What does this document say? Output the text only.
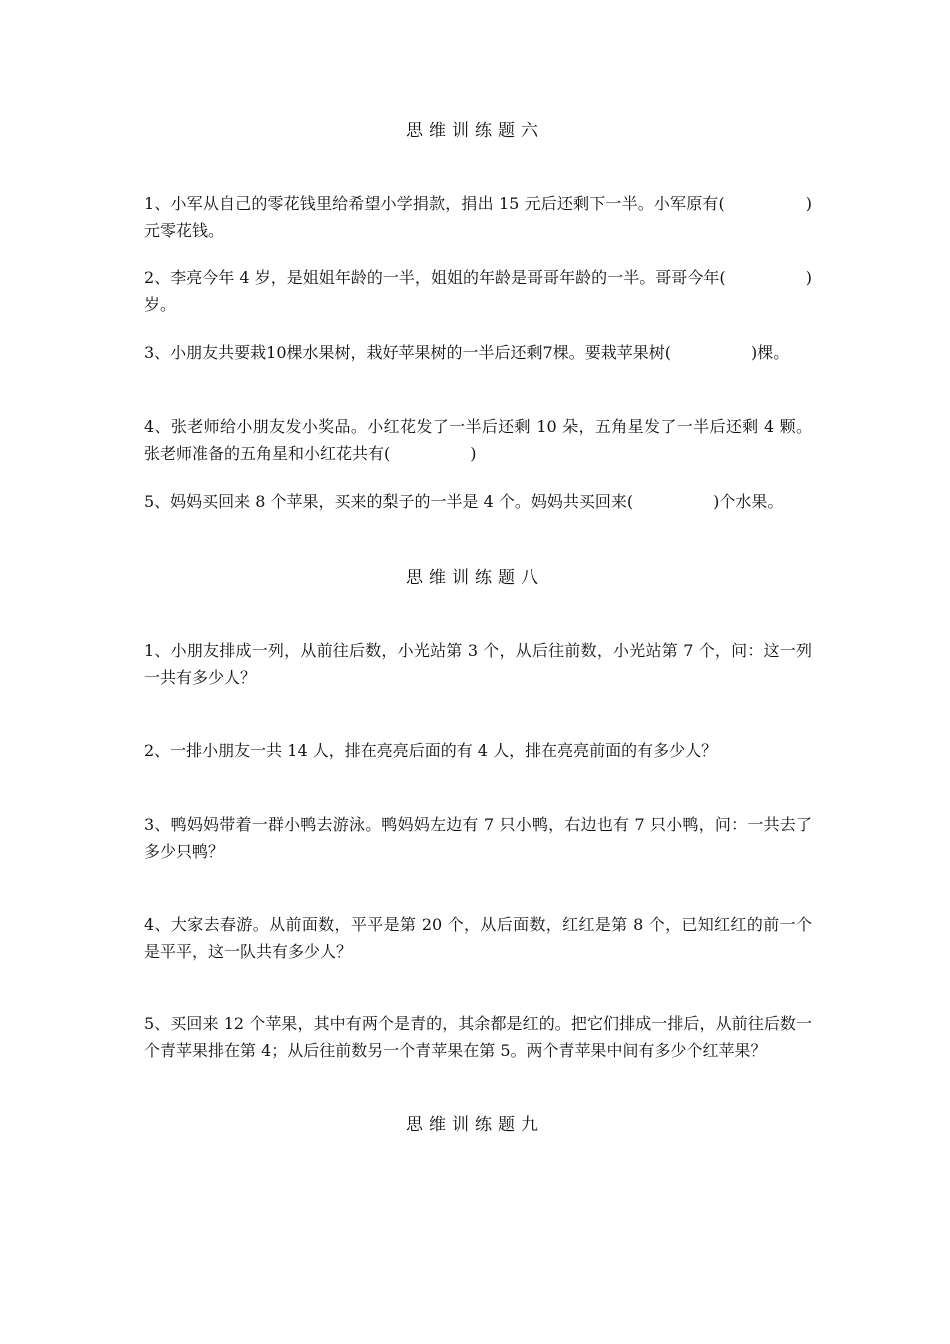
思维训练题六

1、小军从自己的零花钱里给希望小学捐款，捐出 15 元后还剩下一半。小军原有(　　　　　)元零花钱。

2、李亮今年 4 岁，是姐姐年龄的一半，姐姐的年龄是哥哥年龄的一半。哥哥今年(　　　　　)岁。

3、小朋友共要栽10棵水果树，栽好苹果树的一半后还剩7棵。要栽苹果树(　　　　　)棵。

4、张老师给小朋友发小奖品。小红花发了一半后还剩 10 朵，五角星发了一半后还剩 4 颗。张老师准备的五角星和小红花共有(　　　　　)

5、妈妈买回来 8 个苹果，买来的梨子的一半是 4 个。妈妈共买回来(　　　　　)个水果。

思维训练题八

1、小朋友排成一列，从前往后数，小光站第 3 个，从后往前数，小光站第 7 个，问：这一列一共有多少人？

2、一排小朋友一共 14 人，排在亮亮后面的有 4 人，排在亮亮前面的有多少人？

3、鸭妈妈带着一群小鸭去游泳。鸭妈妈左边有 7 只小鸭，右边也有 7 只小鸭，问：一共去了多少只鸭？

4、大家去春游。从前面数，平平是第 20 个，从后面数，红红是第 8 个，已知红红的前一个是平平，这一队共有多少人？

5、买回来 12 个苹果，其中有两个是青的，其余都是红的。把它们排成一排后，从前往后数一个青苹果排在第 4；从后往前数另一个青苹果在第 5。两个青苹果中间有多少个红苹果？

思维训练题九
